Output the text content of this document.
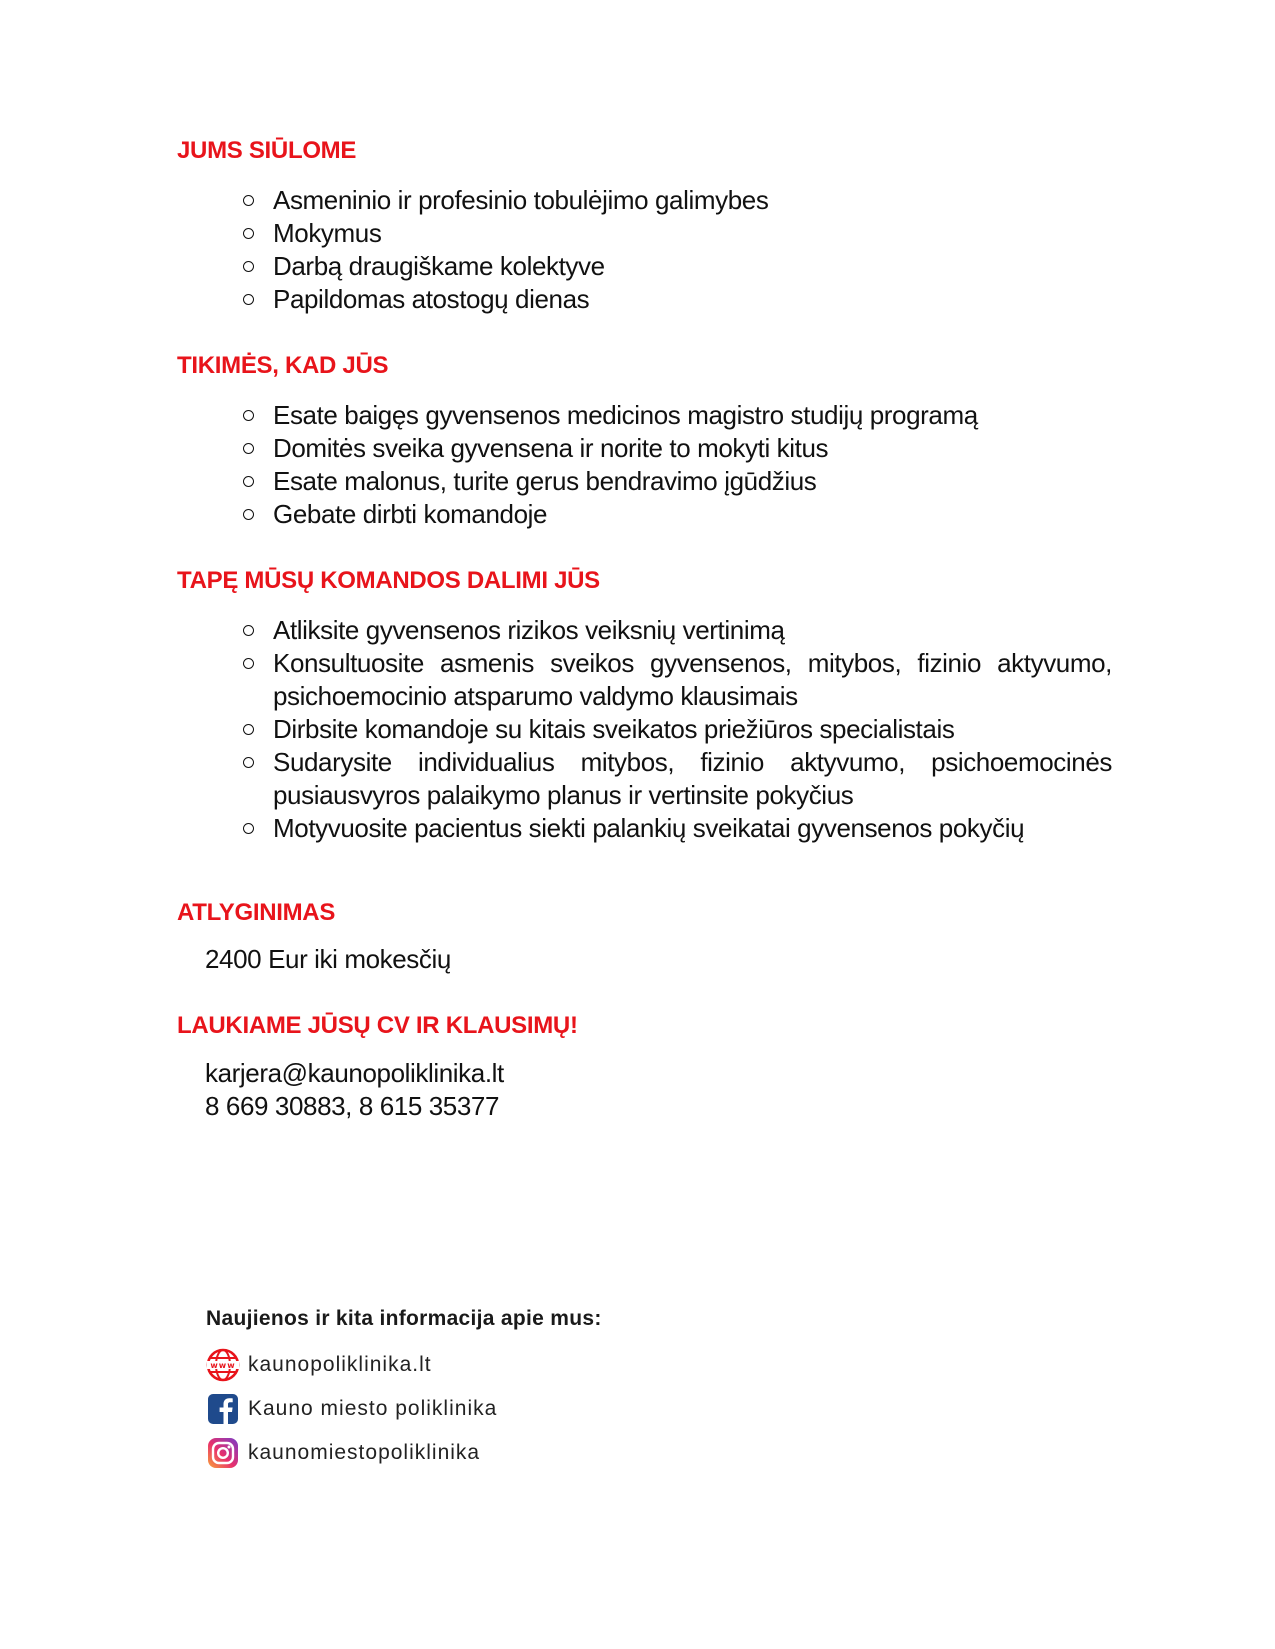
JUMS SIŪLOME
Asmeninio ir profesinio tobulėjimo galimybes
Mokymus
Darbą draugiškame kolektyve
Papildomas atostogų dienas
TIKIMĖS, KAD JŪS
Esate baigęs gyvensenos medicinos magistro studijų programą
Domitės sveika gyvensena ir norite to mokyti kitus
Esate malonus, turite gerus bendravimo įgūdžius
Gebate dirbti komandoje
TAPĘ MŪSŲ KOMANDOS DALIMI JŪS
Atliksite gyvensenos rizikos veiksnių vertinimą
Konsultuosite asmenis sveikos gyvensenos, mitybos, fizinio aktyvumo, psichoemocinio atsparumo valdymo klausimais
Dirbsite komandoje su kitais sveikatos priežiūros specialistais
Sudarysite individualius mitybos, fizinio aktyvumo, psichoemocinės pusiausvyros palaikymo planus ir vertinsite pokyčius
Motyvuosite pacientus siekti palankių sveikatai gyvensenos pokyčių
ATLYGINIMAS
2400 Eur iki mokesčių
LAUKIAME JŪSŲ CV IR KLAUSIMŲ!
karjera@kaunopoliklinika.lt
8 669 30883, 8 615 35377
Naujienos ir kita informacija apie mus:
www kaunopoliklinika.lt
Kauno miesto poliklinika
kaunomiestopoliklinika
